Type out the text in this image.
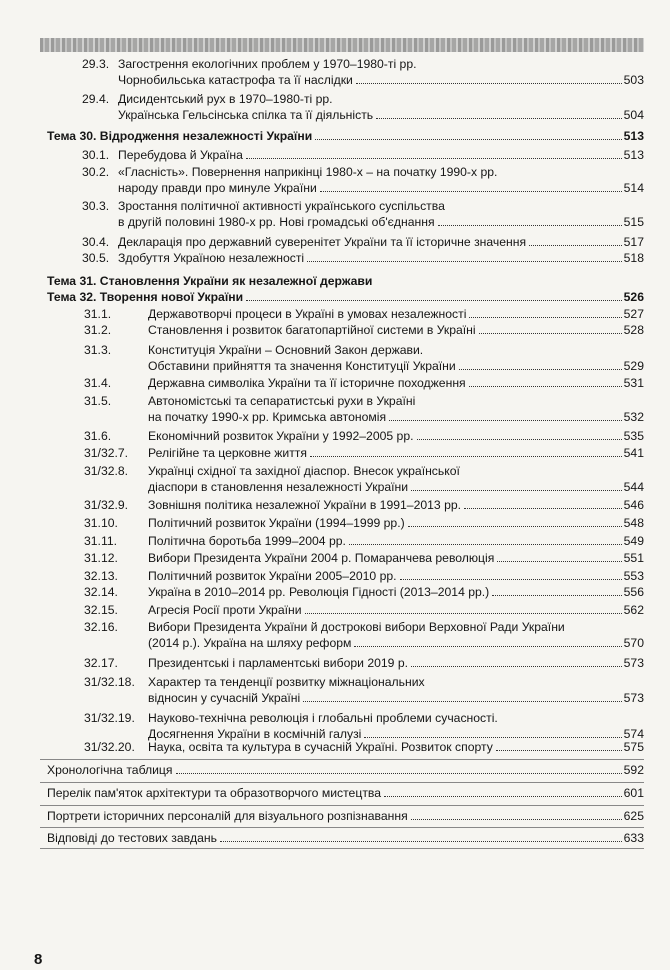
29.3. Загострення екологічних проблем у 1970–1980-ті рр.
Чорнобильська катастрофа та її наслідки	503
29.4. Дисидентський рух в 1970–1980-ті рр.
Українська Гельсінська спілка та її діяльність	504
Тема 30. Відродження незалежності України	513
30.1. Перебудова й Україна	513
30.2. «Гласність». Повернення наприкінці 1980-х – на початку 1990-х рр.
народу правди про минуле України	514
30.3. Зростання політичної активності українського суспільства
в другій половині 1980-х рр. Нові громадські об'єднання	515
30.4. Декларація про державний суверенітет України та її історичне значення	517
30.5. Здобуття Україною незалежності	518
Тема 31. Становлення України як незалежної держави
Тема 32. Творення нової України	526
31.1.	Державотворчі процеси в Україні в умовах незалежності	527
31.2.	Становлення і розвиток багатопартійної системи в Україні	528
31.3.	Конституція України – Основний Закон держави.
Обставини прийняття та значення Конституції України	529
31.4.	Державна символіка України та її історичне походження	531
31.5.	Автономістські та сепаратистські рухи в Україні
на початку 1990-х рр. Кримська автономія	532
31.6.	Економічний розвиток України у 1992–2005 рр.	535
31/32.7. Релігійне та церковне життя	541
31/32.8. Українці східної та західної діаспор. Внесок української
діаспори в становлення незалежності України	544
31/32.9. Зовнішня політика незалежної України в 1991–2013 рр.	546
31.10. Політичний розвиток України (1994–1999 рр.)	548
31.11.	Політична боротьба 1999–2004 рр.	549
31.12. Вибори Президента України 2004 р. Помаранчева революція	551
32.13. Політичний розвиток України 2005–2010 рр.	553
32.14. Україна в 2010–2014 рр. Революція Гідності (2013–2014 рр.)	556
32.15. Агресія Росії проти України	562
32.16. Вибори Президента України й дострокові вибори Верховної Ради України
(2014 р.). Україна на шляху реформ	570
32.17. Президентські і парламентські вибори 2019 р.	573
31/32.18. Характер та тенденції розвитку міжнаціональних
відносин у сучасній Україні	573
31/32.19. Науково-технічна революція і глобальні проблеми сучасності.
Досягнення України в космічній галузі	574
31/32.20. Наука, освіта та культура в сучасній Україні. Розвиток спорту	575
Хронологічна таблиця	592
Перелік пам'яток архітектури та образотворчого мистецтва	601
Портрети історичних персоналій для візуального розпізнавання	625
Відповіді до тестових завдань	633
8
